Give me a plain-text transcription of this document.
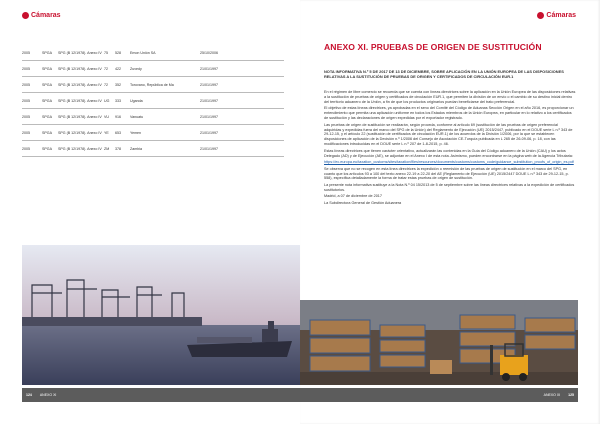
Cámaras
2005	SPGA	SPG (B 12/1978). Anexo IV	75	528	Emon Unión SA	25/10/2006
2005	SPGA	SPG (B 12/1978). Anexo IV	72	422	Zuvedy	21/01/1997
2005	SPGA	SPG (B 12/1978). Anexo IV	72	352	Torovano, República de Ma	21/01/1997
2005	SPGA	SPG (B 12/1978). Anexo IV	UG	333	Uganda	21/01/1997
2005	SPGA	SPG (B 12/1978). Anexo IV	VU	916	Vanuatu	21/01/1997
2005	SPGA	SPG (B 12/1978). Anexo IV	YE	653	Yemen	21/01/1997
2005	SPGA	SPG (B 12/1978). Anexo IV	ZM	378	Zambia	21/01/1997
124	ANEXO XI
Cámaras
ANEXO XI. PRUEBAS DE ORIGEN DE SUSTITUCIÓN
NOTA INFORMATIVA N.º 5 DE 2017 DE 13 DE DICIEMBRE, SOBRE APLICACIÓN EN LA UNIÓN EUROPEA DE LAS DISPOSICIONES RELATIVAS A LA SUSTITUCIÓN DE PRUEBAS DE ORIGEN Y CERTIFICADOS DE CIRCULACIÓN EUR.1

En el régimen de libre comercio se recuerda que se cuenta con líneas directrices sobre la aplicación en la Unión Europea de las disposiciones relativas a la sustitución de pruebas de origen y certificados de circulación EUR.1, que permiten la división de un envío o el cambio de su destino inicial dentro del territorio aduanero de la Unión, a fin de que los productos originarios puedan beneficiarse del trato preferencial.

El objetivo de estas líneas directrices, ya aprobadas en el seno del Comité del Código de Aduanas Sección Origen en el año 2016, es proporcionar un entendimiento que permita una aplicación uniforme en todos los Estados miembros de la Unión Europea, en particular en lo relativo a los certificados de sustitución y las declaraciones de origen expedidas por el exportador registrado.

Las pruebas de origen de sustitución se realizarán, según proceda, conforme al artículo 69 (sustitución de las pruebas de origen preferencial adquiridas y expedidas fuera del marco del SPG de la Unión) del Reglamento de Ejecución (UE) 2015/2447, publicado en el DOUE serie L n.º 343 de 29-12-15, y el artículo 22 (sustitución de certificados de circulación EUR.1) de los acuerdos de la División 1/2006, por la que se establecen disposiciones de aplicación de la Decisión n.º 1/2006 del Consejo de Asociación CE-Turquía publicada en L 265 de 26-09-06, p. 18, con las modificaciones introducidas en el DOUE serie L n.º 207 de 1-8-2015, p. 46.

Estas líneas directrices que tienen carácter orientativo, actualizarán las contenidas en la Guía del Código aduanero de la Unión (CAU) y los actos Delegado (AD) y de Ejecución (AE), se adjuntan en el Anexo I de esta nota. Asimismo, pueden encontrarse en la página web de la Agencia Tributaria:

https://ec.europa.eu/taxation_customs/sites/taxation/files/resources/documents/customs/customs_code/guidance_substitution_proofs_of_origin_es.pdf

Se observa que no se recogen en esta línea directrices la expedición o reemisión de las pruebas de origen de sustitución en el marco del SPG, en cuanto que los artículos 93 a 100 del texto anexo 22-19 a 22-20 del AE (Reglamento de Ejecución (UE) 2015/2447 DOUE L n.º 343 de 29-12-15, p. 558), específica detalladamente la forma de tratar estas pruebas de origen de sustitución.

La presente nota informativa sustituye a la Nota N.º 04 15/2013 de 5 de septiembre sobre las líneas directrices relativas a la expedición de certificados sustitutorios.

Madrid, a 07 de diciembre de 2017

La Subdirectora General de Gestión Aduanera

ANEXO XI	125
